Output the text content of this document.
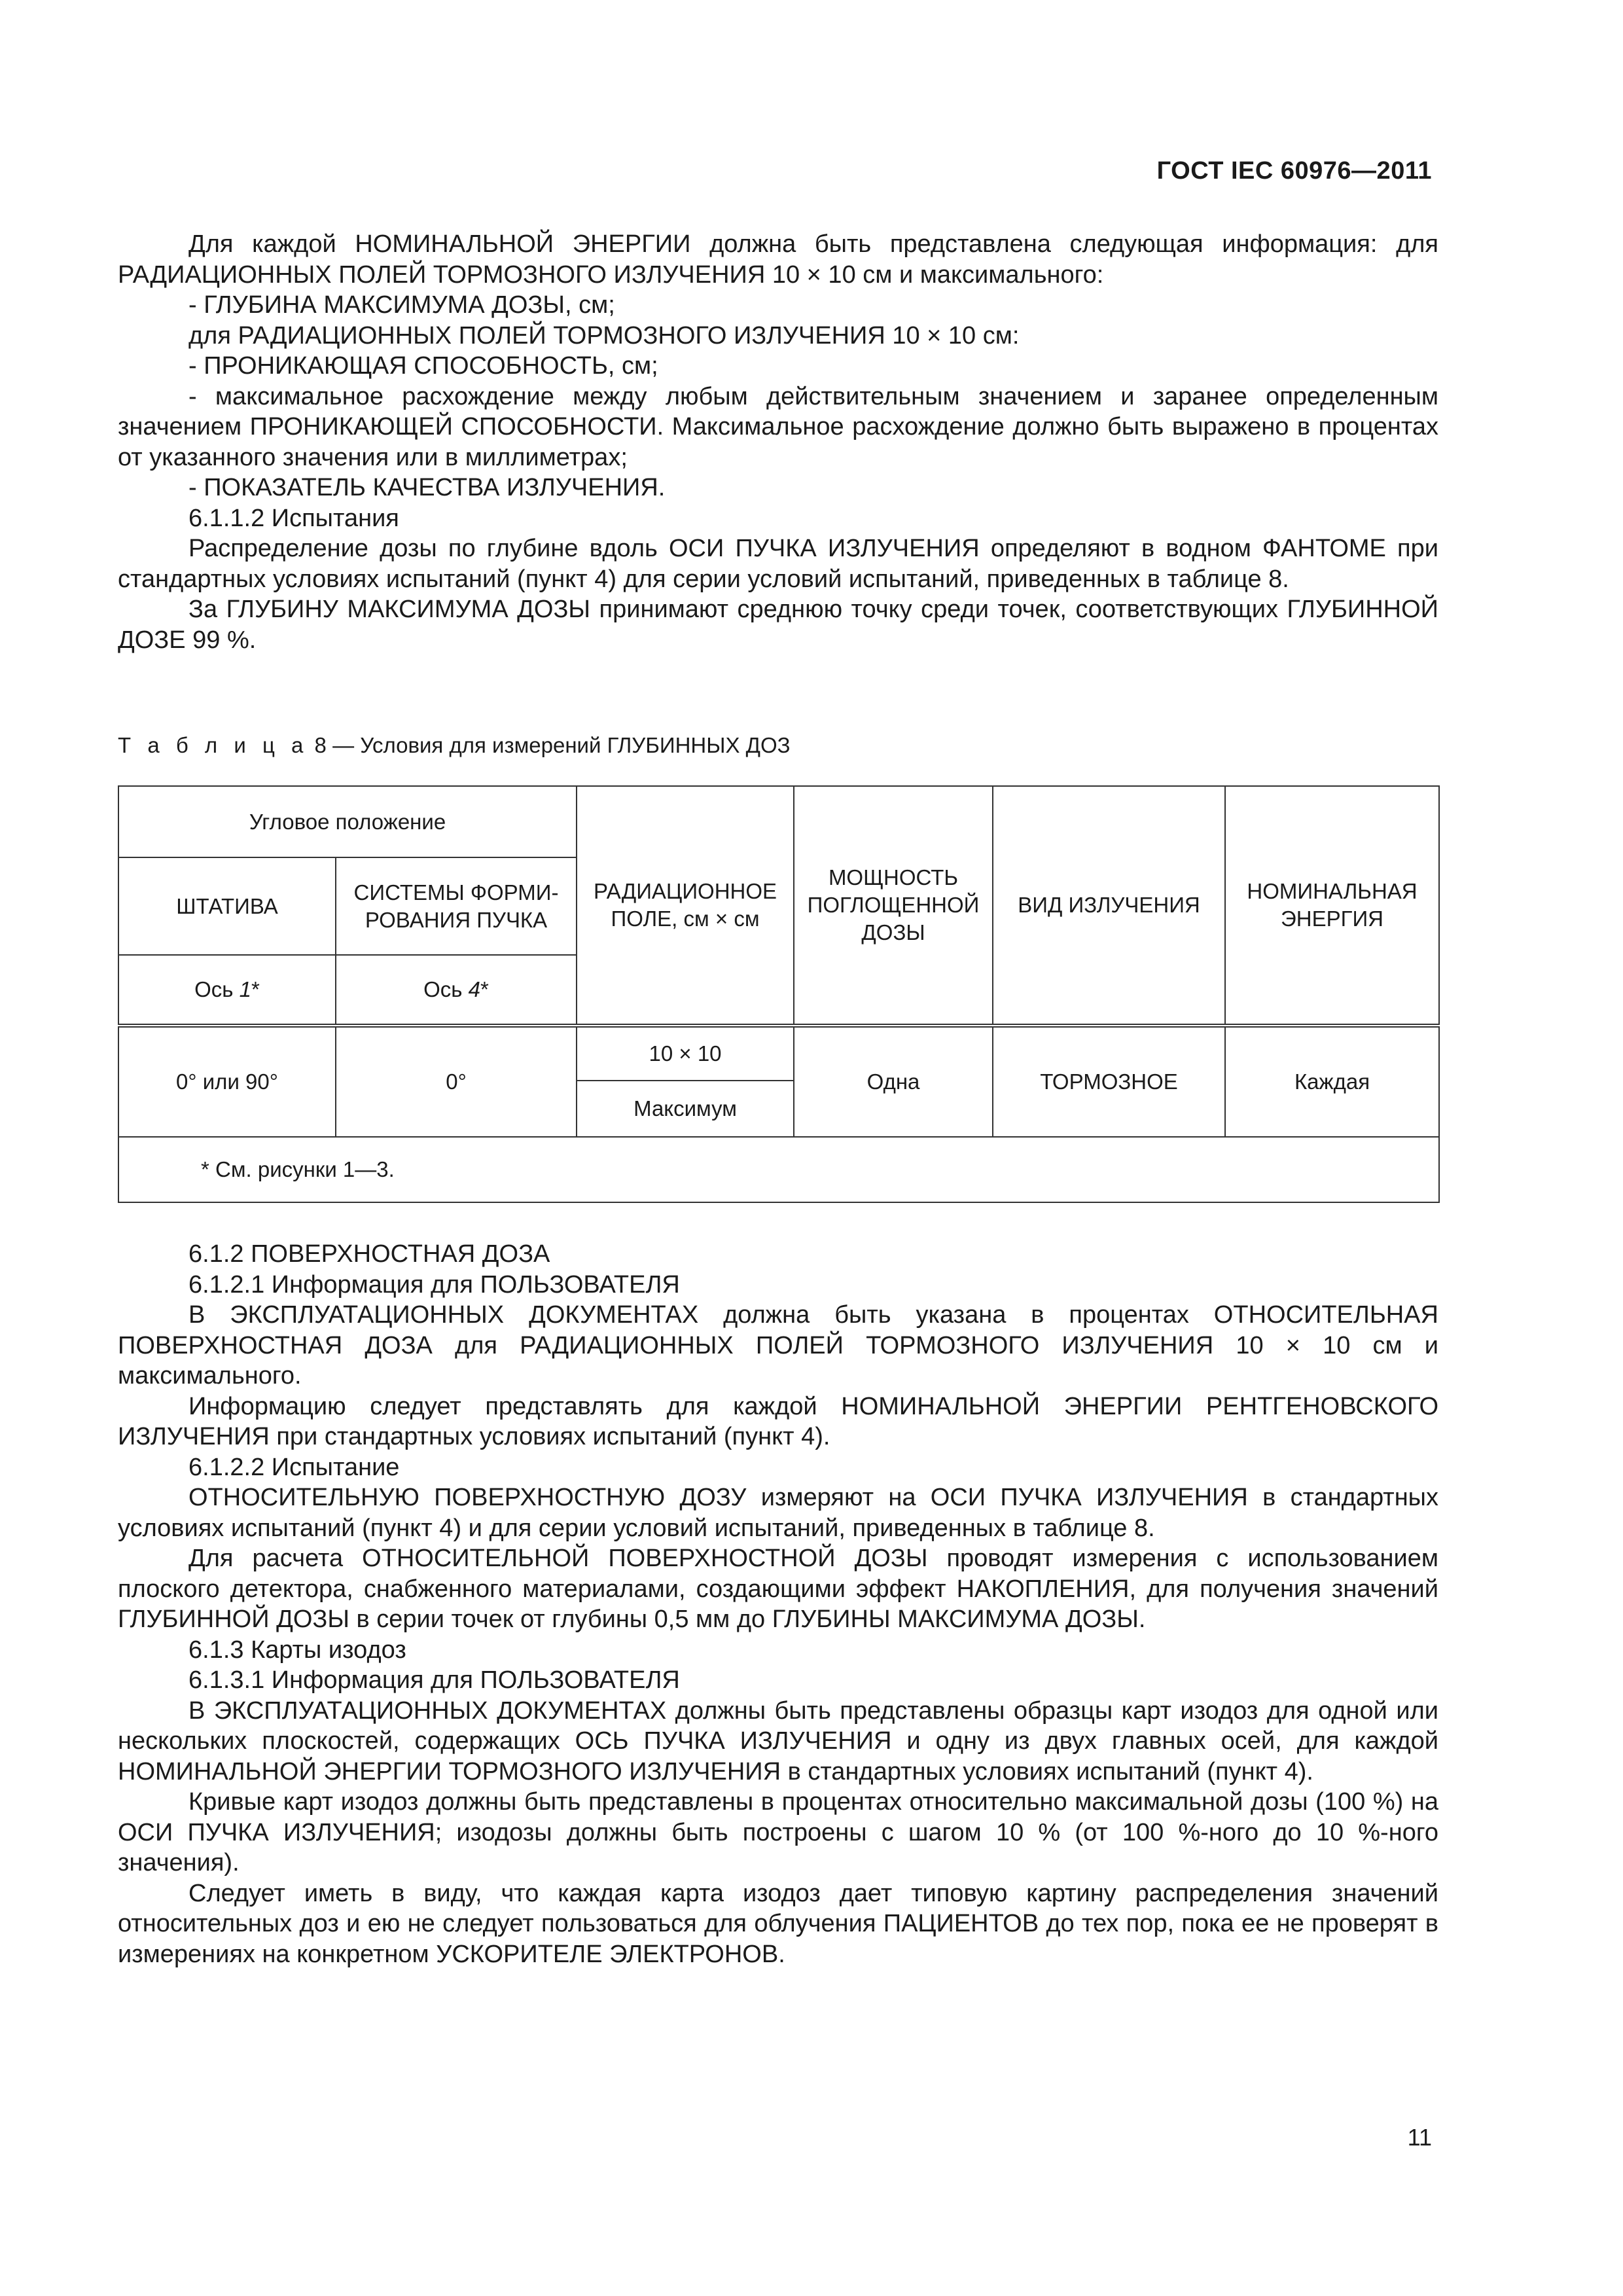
ГОСТ IEC 60976—2011

Для каждой НОМИНАЛЬНОЙ ЭНЕРГИИ должна быть представлена следующая информация: для РАДИАЦИОННЫХ ПОЛЕЙ ТОРМОЗНОГО ИЗЛУЧЕНИЯ 10 × 10 см и максимального:

- ГЛУБИНА МАКСИМУМА ДОЗЫ, см;

для РАДИАЦИОННЫХ ПОЛЕЙ ТОРМОЗНОГО ИЗЛУЧЕНИЯ 10 × 10 см:

- ПРОНИКАЮЩАЯ СПОСОБНОСТЬ, см;

- максимальное расхождение между любым действительным значением и заранее определенным значением ПРОНИКАЮЩЕЙ СПОСОБНОСТИ. Максимальное расхождение должно быть выражено в процентах от указанного значения или в миллиметрах;

- ПОКАЗАТЕЛЬ КАЧЕСТВА ИЗЛУЧЕНИЯ.

6.1.1.2 Испытания

Распределение дозы по глубине вдоль ОСИ ПУЧКА ИЗЛУЧЕНИЯ определяют в водном ФАНТОМЕ при стандартных условиях испытаний (пункт 4) для серии условий испытаний, приведенных в таблице 8.

За ГЛУБИНУ МАКСИМУМА ДОЗЫ принимают среднюю точку среди точек, соответствующих ГЛУБИННОЙ ДОЗЕ 99 %.

Т а б л и ц а 8 — Условия для измерений ГЛУБИННЫХ ДОЗ
Угловое положение		РАДИАЦИОННОЕ ПОЛЕ, см × см	МОЩНОСТЬ ПОГЛОЩЕННОЙ ДОЗЫ	ВИД ИЗЛУЧЕНИЯ	НОМИНАЛЬНАЯ ЭНЕРГИЯ
ШТАТИВА	СИСТЕМЫ ФОРМИ-РОВАНИЯ ПУЧКА				
Ось 1*	Ось 4*				
0° или 90°	0°	10 × 10	Одна	ТОРМОЗНОЕ	Каждая
		Максимум			
* См. рисунки 1—3.					

6.1.2 ПОВЕРХНОСТНАЯ ДОЗА

6.1.2.1 Информация для ПОЛЬЗОВАТЕЛЯ

В ЭКСПЛУАТАЦИОННЫХ ДОКУМЕНТАХ должна быть указана в процентах ОТНОСИТЕЛЬНАЯ ПОВЕРХНОСТНАЯ ДОЗА для РАДИАЦИОННЫХ ПОЛЕЙ ТОРМОЗНОГО ИЗЛУЧЕНИЯ 10 × 10 см и максимального.

Информацию следует представлять для каждой НОМИНАЛЬНОЙ ЭНЕРГИИ РЕНТГЕНОВСКОГО ИЗЛУЧЕНИЯ при стандартных условиях испытаний (пункт 4).

6.1.2.2 Испытание

ОТНОСИТЕЛЬНУЮ ПОВЕРХНОСТНУЮ ДОЗУ измеряют на ОСИ ПУЧКА ИЗЛУЧЕНИЯ в стандартных условиях испытаний (пункт 4) и для серии условий испытаний, приведенных в таблице 8.

Для расчета ОТНОСИТЕЛЬНОЙ ПОВЕРХНОСТНОЙ ДОЗЫ проводят измерения с использованием плоского детектора, снабженного материалами, создающими эффект НАКОПЛЕНИЯ, для получения значений ГЛУБИННОЙ ДОЗЫ в серии точек от глубины 0,5 мм до ГЛУБИНЫ МАКСИМУМА ДОЗЫ.

6.1.3 Карты изодоз

6.1.3.1 Информация для ПОЛЬЗОВАТЕЛЯ

В ЭКСПЛУАТАЦИОННЫХ ДОКУМЕНТАХ должны быть представлены образцы карт изодоз для одной или нескольких плоскостей, содержащих ОСЬ ПУЧКА ИЗЛУЧЕНИЯ и одну из двух главных осей, для каждой НОМИНАЛЬНОЙ ЭНЕРГИИ ТОРМОЗНОГО ИЗЛУЧЕНИЯ в стандартных условиях испытаний (пункт 4).

Кривые карт изодоз должны быть представлены в процентах относительно максимальной дозы (100 %) на ОСИ ПУЧКА ИЗЛУЧЕНИЯ; изодозы должны быть построены с шагом 10 % (от 100 %-ного до 10 %-ного значения).

Следует иметь в виду, что каждая карта изодоз дает типовую картину распределения значений относительных доз и ею не следует пользоваться для облучения ПАЦИЕНТОВ до тех пор, пока ее не проверят в измерениях на конкретном УСКОРИТЕЛЕ ЭЛЕКТРОНОВ.

11
